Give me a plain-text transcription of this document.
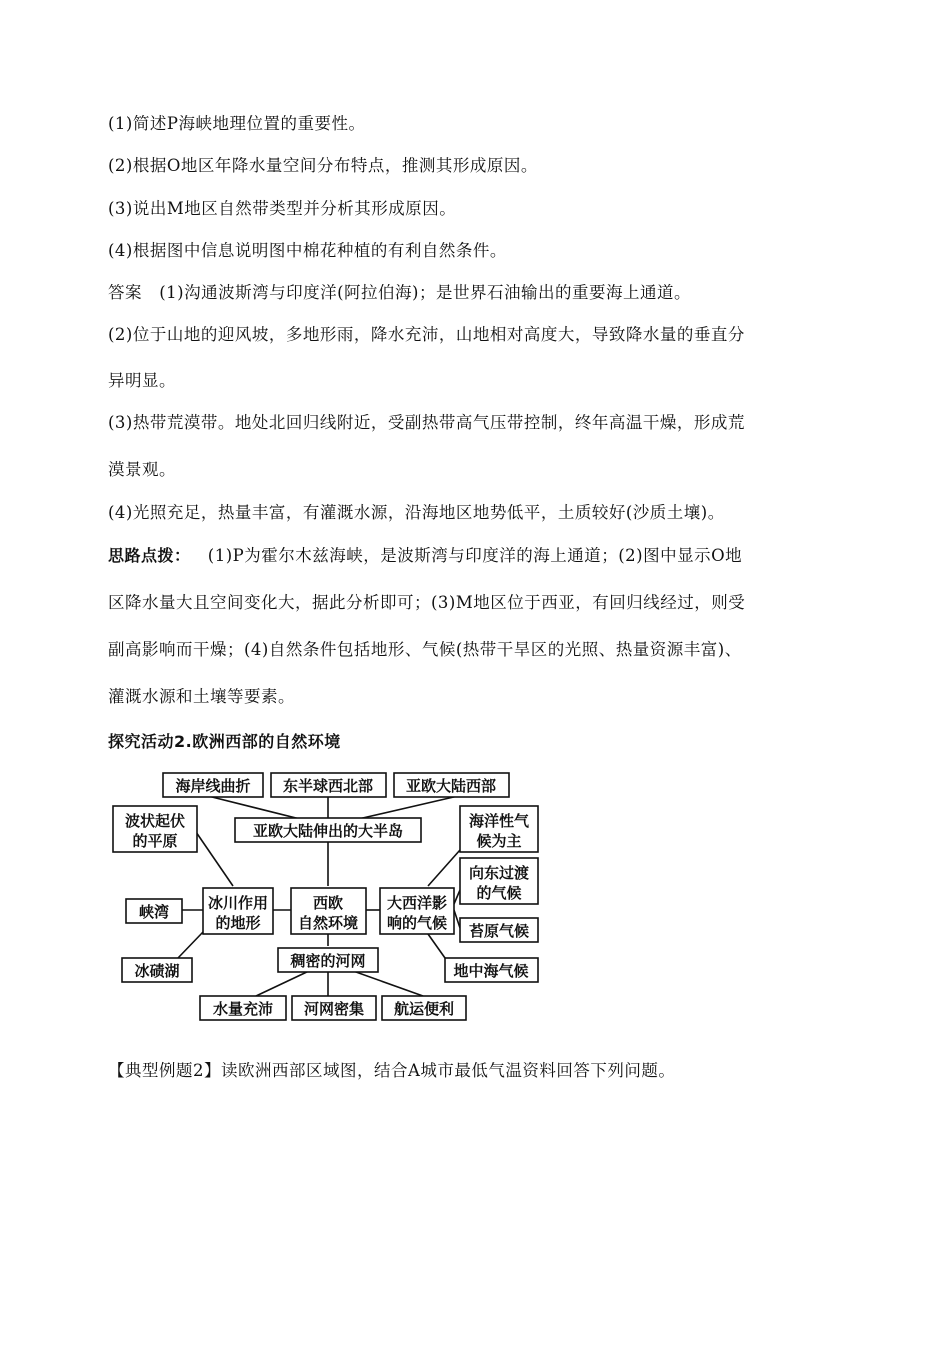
(1)简述P海峡地理位置的重要性。
(2)根据O地区年降水量空间分布特点，推测其形成原因。
(3)说出M地区自然带类型并分析其形成原因。
(4)根据图中信息说明图中棉花种植的有利自然条件。
答案 (1)沟通波斯湾与印度洋(阿拉伯海)；是世界石油输出的重要海上通道。
(2)位于山地的迎风坡，多地形雨，降水充沛，山地相对高度大，导致降水量的垂直分
异明显。
(3)热带荒漠带。地处北回归线附近，受副热带高气压带控制，终年高温干燥，形成荒
漠景观。
(4)光照充足，热量丰富，有灌溉水源，沿海地区地势低平，土质较好(沙质土壤)。
思路点拨： (1)P为霍尔木兹海峡，是波斯湾与印度洋的海上通道；(2)图中显示O地
区降水量大且空间变化大，据此分析即可；(3)M地区位于西亚，有回归线经过，则受
副高影响而干燥；(4)自然条件包括地形、气候(热带干旱区的光照、热量资源丰富)、
灌溉水源和土壤等要素。
探究活动2.欧洲西部的自然环境
海岸线曲折 东半球西北部 亚欧大陆西部
亚欧大陆伸出的大半岛
波状起伏
的平原
冰川作用
的地形
西欧
自然环境
大西洋影
响的气候
峡湾
冰碛湖
海洋性气
候为主
向东过渡
的气候
苔原气候
地中海气候
稠密的河网
水量充沛 河网密集 航运便利
【典型例题2】读欧洲西部区域图，结合A城市最低气温资料回答下列问题。
